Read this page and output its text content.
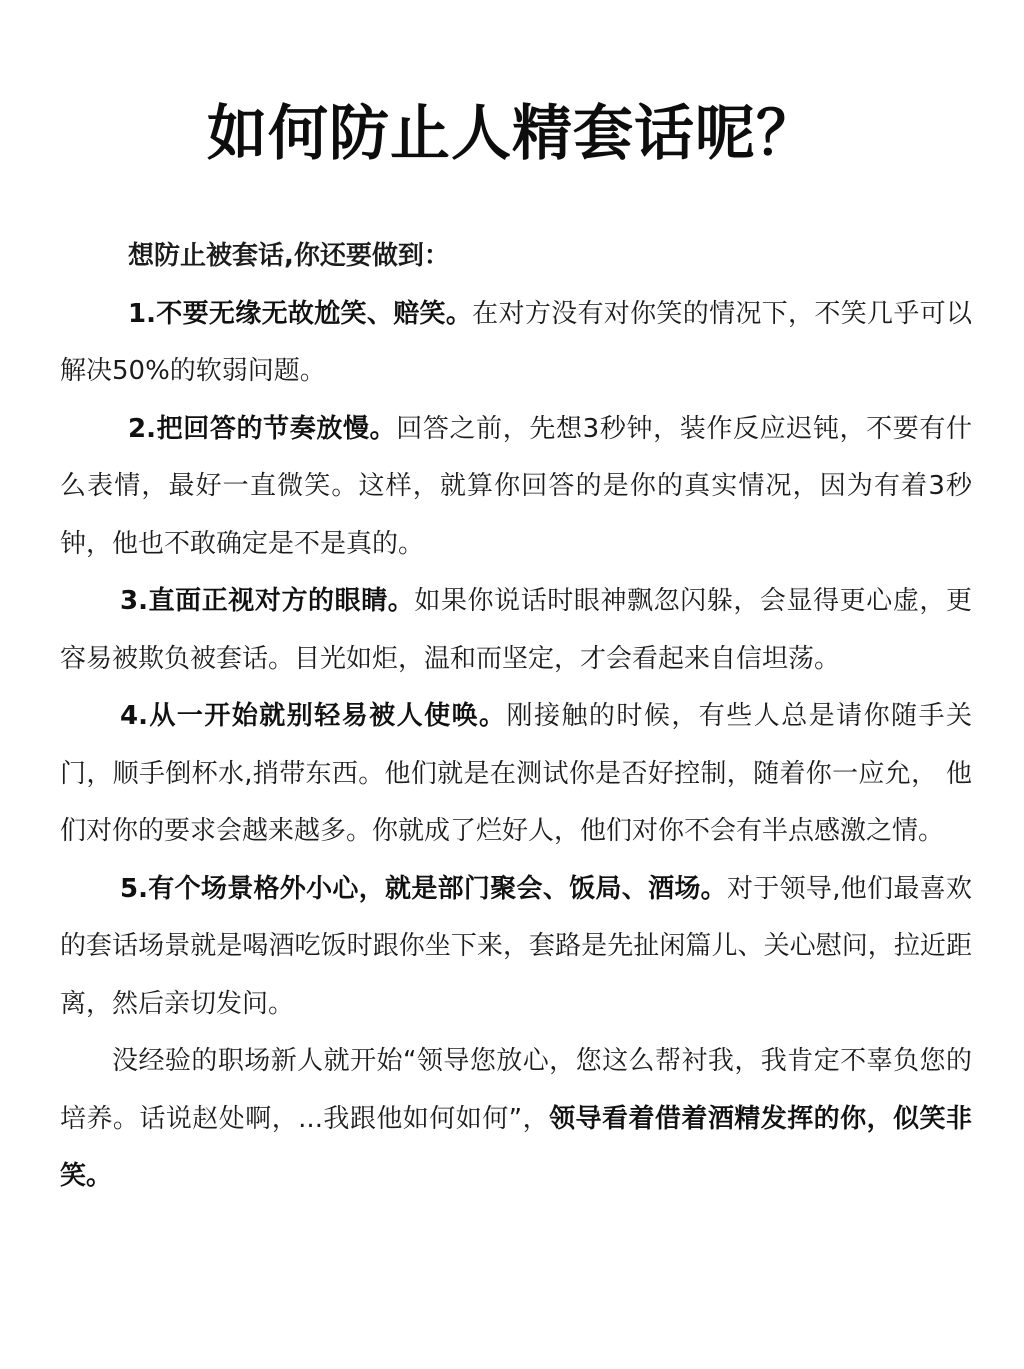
如何防止人精套话呢？

想防止被套话,你还要做到：

1.不要无缘无故尬笑、赔笑。在对方没有对你笑的情况下，不笑几乎可以解决50%的软弱问题。

2.把回答的节奏放慢。回答之前，先想3秒钟，装作反应迟钝，不要有什么表情，最好一直微笑。这样，就算你回答的是你的真实情况，因为有着3秒钟，他也不敢确定是不是真的。

3.直面正视对方的眼睛。如果你说话时眼神飘忽闪躲，会显得更心虚，更容易被欺负被套话。目光如炬，温和而坚定，才会看起来自信坦荡。

4.从一开始就别轻易被人使唤。刚接触的时候，有些人总是请你随手关门，顺手倒杯水,捎带东西。他们就是在测试你是否好控制，随着你一应允， 他们对你的要求会越来越多。你就成了烂好人，他们对你不会有半点感激之情。

5.有个场景格外小心，就是部门聚会、饭局、酒场。对于领导,他们最喜欢的套话场景就是喝酒吃饭时跟你坐下来，套路是先扯闲篇儿、关心慰问，拉近距离，然后亲切发问。

没经验的职场新人就开始“领导您放心，您这么帮衬我，我肯定不辜负您的培养。话说赵处啊，...我跟他如何如何”，领导看着借着酒精发挥的你，似笑非笑。
